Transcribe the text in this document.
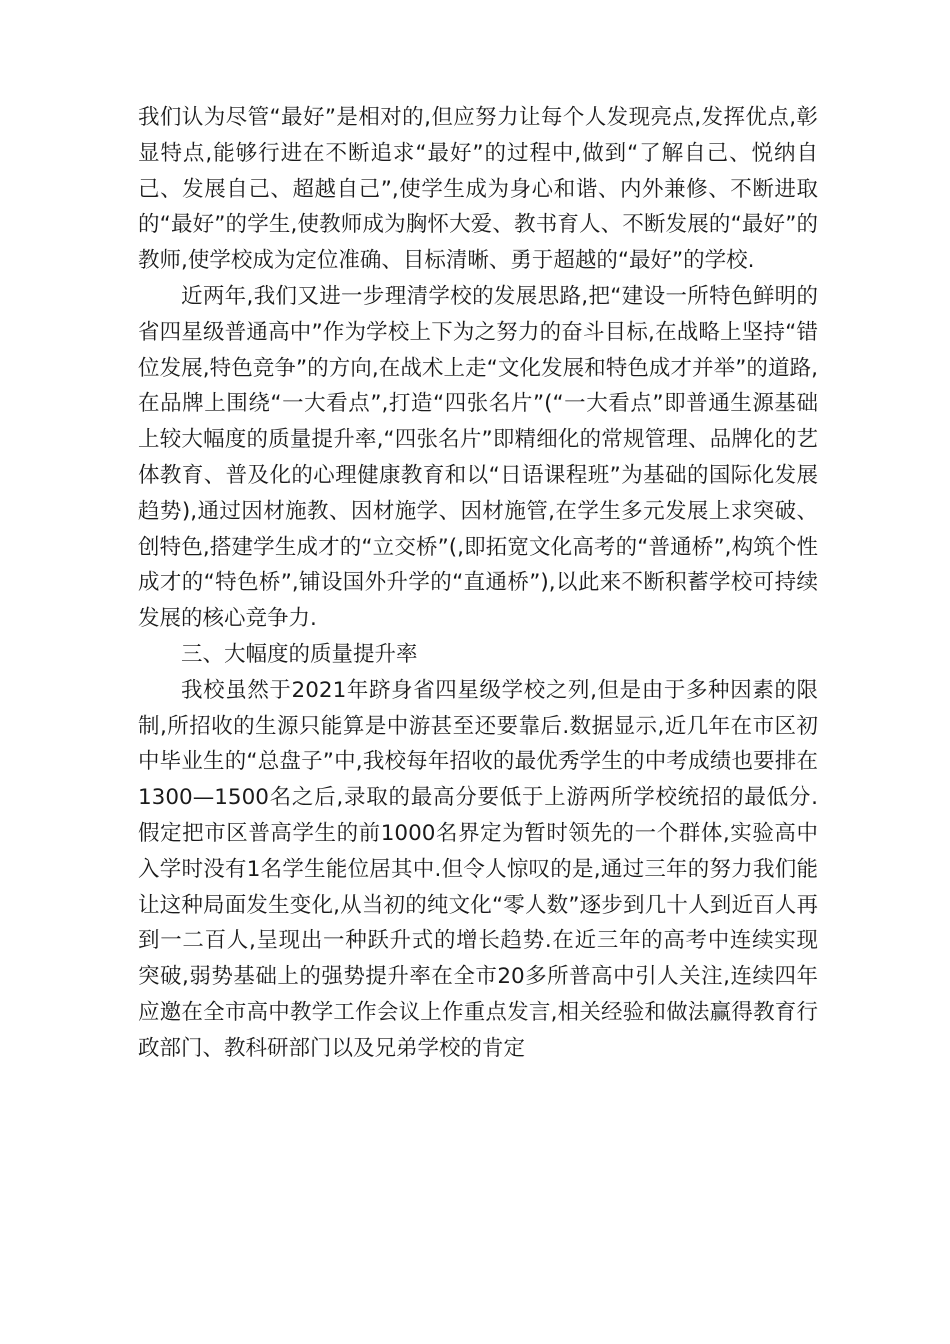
我们认为尽管“最好”是相对的,但应努力让每个人发现亮点,发挥优点,彰显特点,能够行进在不断追求“最好”的过程中,做到“了解自己、悦纳自己、发展自己、超越自己”,使学生成为身心和谐、内外兼修、不断进取的“最好”的学生,使教师成为胸怀大爱、教书育人、不断发展的“最好”的教师,使学校成为定位准确、目标清晰、勇于超越的“最好”的学校.

近两年,我们又进一步理清学校的发展思路,把“建设一所特色鲜明的省四星级普通高中”作为学校上下为之努力的奋斗目标,在战略上坚持“错位发展,特色竞争”的方向,在战术上走“文化发展和特色成才并举”的道路,在品牌上围绕“一大看点”,打造“四张名片”(“一大看点”即普通生源基础上较大幅度的质量提升率,“四张名片”即精细化的常规管理、品牌化的艺体教育、普及化的心理健康教育和以“日语课程班”为基础的国际化发展趋势),通过因材施教、因材施学、因材施管,在学生多元发展上求突破、创特色,搭建学生成才的“立交桥”(,即拓宽文化高考的“普通桥”,构筑个性成才的“特色桥”,铺设国外升学的“直通桥”),以此来不断积蓄学校可持续发展的核心竞争力.

三、大幅度的质量提升率

我校虽然于2021年跻身省四星级学校之列,但是由于多种因素的限制,所招收的生源只能算是中游甚至还要靠后.数据显示,近几年在市区初中毕业生的“总盘子”中,我校每年招收的最优秀学生的中考成绩也要排在1300—1500名之后,录取的最高分要低于上游两所学校统招的最低分.假定把市区普高学生的前1000名界定为暂时领先的一个群体,实验高中入学时没有1名学生能位居其中.但令人惊叹的是,通过三年的努力我们能让这种局面发生变化,从当初的纯文化“零人数”逐步到几十人到近百人再到一二百人,呈现出一种跃升式的增长趋势.在近三年的高考中连续实现突破,弱势基础上的强势提升率在全市20多所普高中引人关注,连续四年应邀在全市高中教学工作会议上作重点发言,相关经验和做法赢得教育行政部门、教科研部门以及兄弟学校的肯定
